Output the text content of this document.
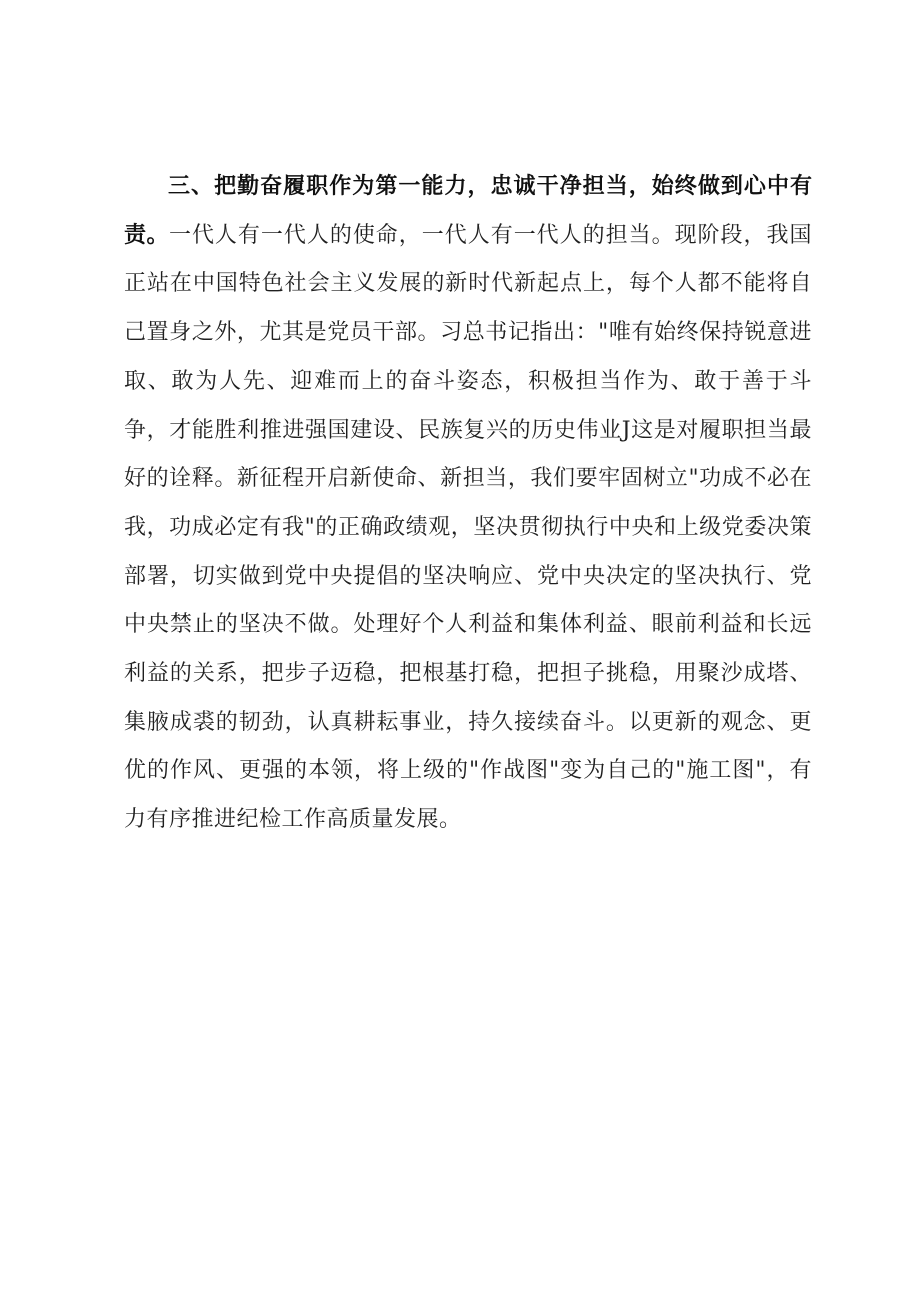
三、把勤奋履职作为第一能力，忠诚干净担当，始终做到心中有责。一代人有一代人的使命，一代人有一代人的担当。现阶段，我国正站在中国特色社会主义发展的新时代新起点上，每个人都不能将自己置身之外，尤其是党员干部。习总书记指出："唯有始终保持锐意进取、敢为人先、迎难而上的奋斗姿态，积极担当作为、敢于善于斗争，才能胜利推进强国建设、民族复兴的历史伟业J这是对履职担当最好的诠释。新征程开启新使命、新担当，我们要牢固树立"功成不必在我，功成必定有我"的正确政绩观，坚决贯彻执行中央和上级党委决策部署，切实做到党中央提倡的坚决响应、党中央决定的坚决执行、党中央禁止的坚决不做。处理好个人利益和集体利益、眼前利益和长远利益的关系，把步子迈稳，把根基打稳，把担子挑稳，用聚沙成塔、集腋成裘的韧劲，认真耕耘事业，持久接续奋斗。以更新的观念、更优的作风、更强的本领，将上级的"作战图"变为自己的"施工图"，有力有序推进纪检工作高质量发展。
